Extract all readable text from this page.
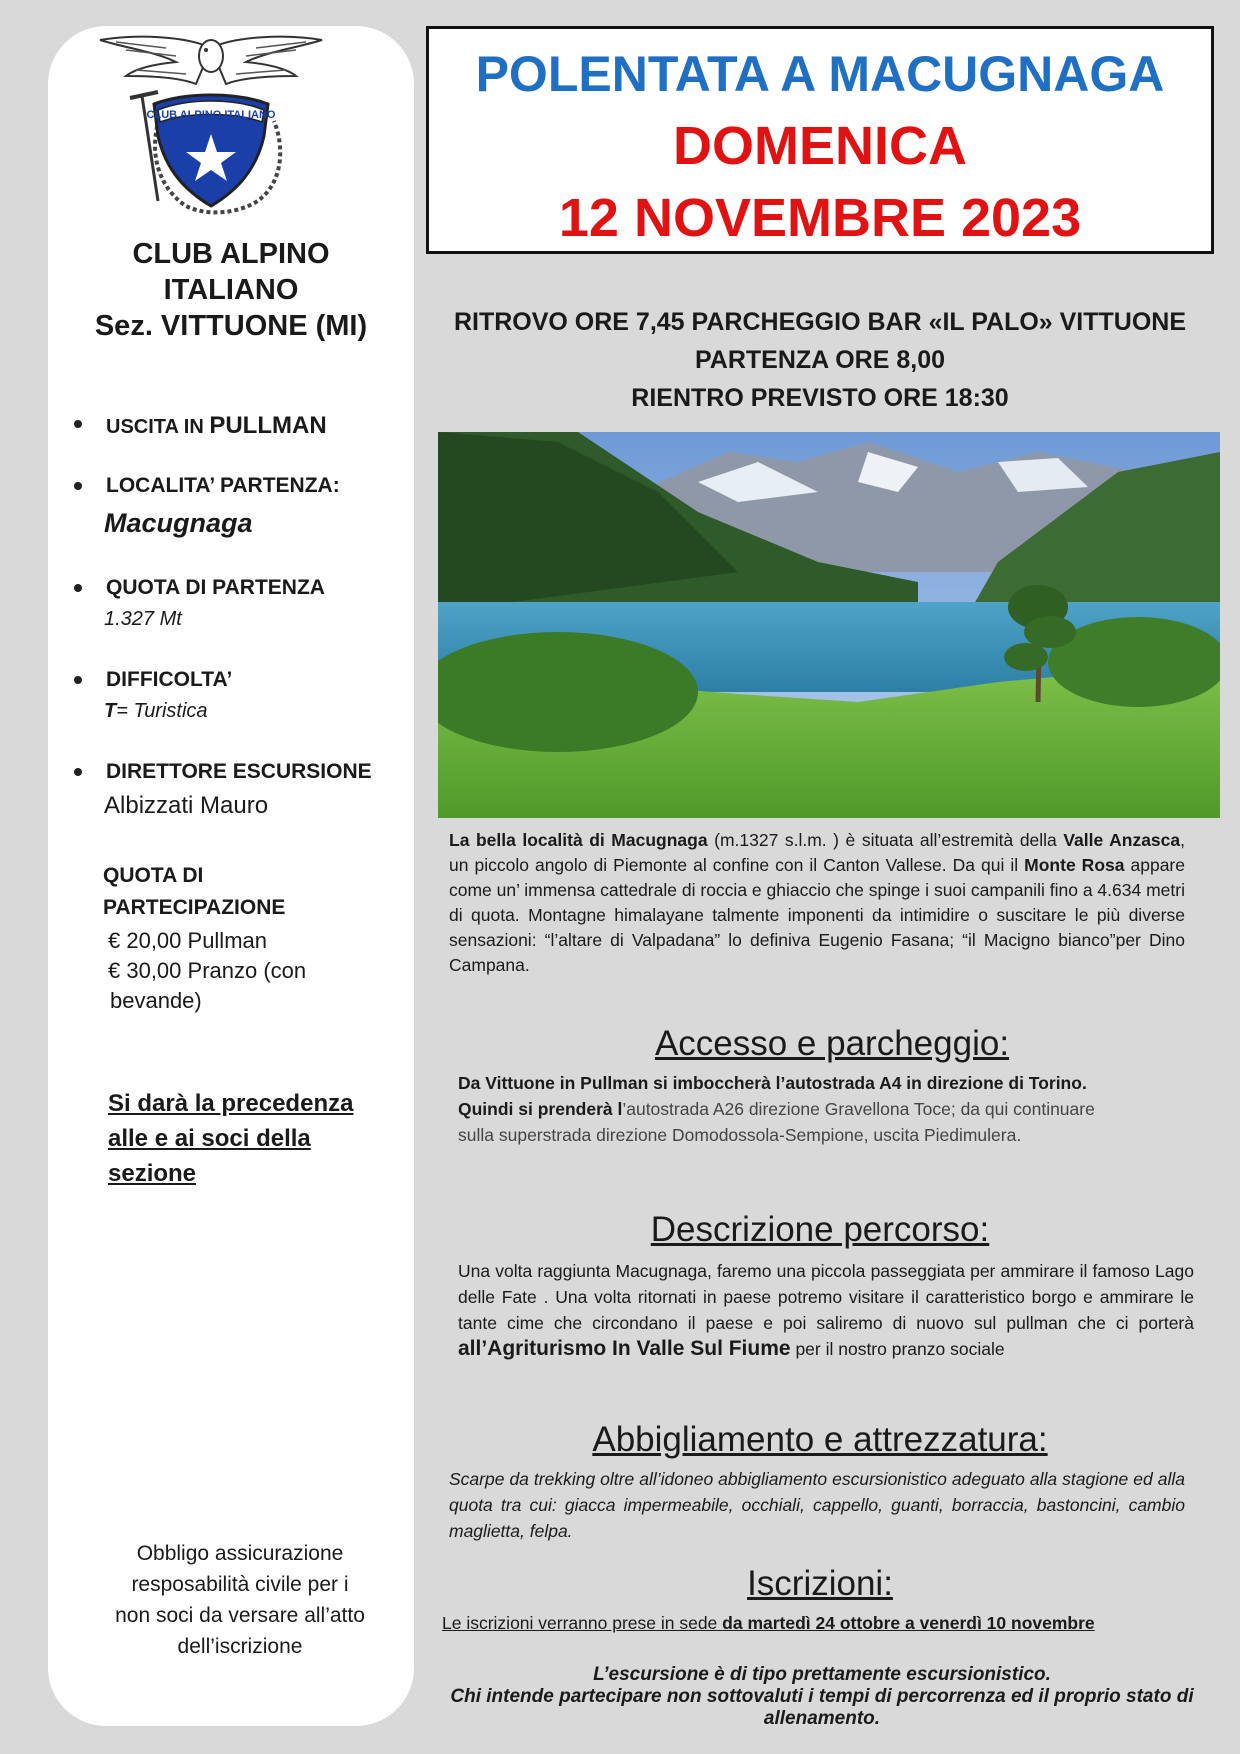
CLUB ALPINO ITALIANO
CLUB ALPINO
ITALIANO
Sez. VITTUONE (MI)
USCITA IN PULLMAN
LOCALITA’ PARTENZA:
Macugnaga
QUOTA DI PARTENZA
1.327 Mt
DIFFICOLTA’
T= Turistica
DIRETTORE ESCURSIONE
Albizzati Mauro
QUOTA DI
PARTECIPAZIONE
€ 20,00 Pullman
€ 30,00 Pranzo (con
bevande)
Si darà la precedenza
alle e ai soci della
sezione
Obbligo assicurazione
resposabilità civile per i
non soci da versare all’atto
dell’iscrizione
POLENTATA A MACUGNAGA
DOMENICA
12 NOVEMBRE 2023
RITROVO ORE 7,45 PARCHEGGIO BAR «IL PALO» VITTUONE
PARTENZA ORE 8,00
RIENTRO PREVISTO ORE 18:30
La bella località di Macugnaga (m.1327 s.l.m. ) è situata all’estremità della Valle Anzasca, un piccolo angolo di Piemonte al confine con il Canton Vallese. Da qui il Monte Rosa appare come un’ immensa cattedrale di roccia e ghiaccio che spinge i suoi campanili fino a 4.634 metri di quota. Montagne himalayane talmente imponenti da intimidire o suscitare le più diverse sensazioni: “l’altare di Valpadana” lo definiva Eugenio Fasana; “il Macigno bianco”per Dino Campana.
Accesso e parcheggio:
Da Vittuone in Pullman si imboccherà l’autostrada A4 in direzione di Torino.
Quindi si prenderà l’autostrada A26 direzione Gravellona Toce; da qui continuare
sulla superstrada direzione Domodossola-Sempione, uscita Piedimulera.
Descrizione percorso:
Una volta raggiunta Macugnaga, faremo una piccola passeggiata per ammirare il famoso Lago delle Fate . Una volta ritornati in paese potremo visitare il caratteristico borgo e ammirare le tante cime che circondano il paese e poi saliremo di nuovo sul pullman che ci porterà all’Agriturismo In Valle Sul Fiume per il nostro pranzo sociale
Abbigliamento e attrezzatura:
Scarpe da trekking oltre all’idoneo abbigliamento escursionistico adeguato alla stagione ed alla quota tra cui: giacca impermeabile, occhiali, cappello, guanti, borraccia, bastoncini, cambio maglietta, felpa.
Iscrizioni:
Le iscrizioni verranno prese in sede da martedì 24 ottobre a venerdì 10 novembre
L’escursione è di tipo prettamente escursionistico.
Chi intende partecipare non sottovaluti i tempi di percorrenza ed il proprio stato di
allenamento.
